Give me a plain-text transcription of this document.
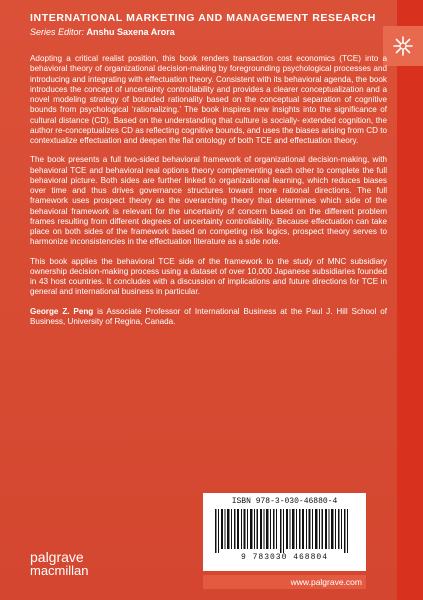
INTERNATIONAL MARKETING AND MANAGEMENT RESEARCH
Series Editor: Anshu Saxena Arora

Adopting a critical realist position, this book renders transaction cost economics (TCE) into a behavioral theory of organizational decision-making by foregrounding psychological processes and introducing and integrating with effectuation theory. Consistent with its behavioral agenda, the book introduces the concept of uncertainty controllability and provides a clearer conceptualization and a novel modeling strategy of bounded rationality based on the conceptual separation of cognitive bounds from psychological ‘rationalizing.’ The book inspires new insights into the significance of cultural distance (CD). Based on the understanding that culture is socially- extended cognition, the author re-conceptualizes CD as reflecting cognitive bounds, and uses the biases arising from CD to contextualize effectuation and deepen the flat ontology of both TCE and effectuation theory.

The book presents a full two-sided behavioral framework of organizational decision-making, with behavioral TCE and behavioral real options theory complementing each other to complete the full behavioral picture. Both sides are further linked to organizational learning, which reduces biases over time and thus drives governance structures toward more rational directions. The full framework uses prospect theory as the overarching theory that determines which side of the behavioral framework is relevant for the uncertainty of concern based on the different problem frames resulting from different degrees of uncertainty controllability. Because effectuation can take place on both sides of the framework based on competing risk logics, prospect theory serves to harmonize inconsistencies in the effectuation literature as a side note.

This book applies the behavioral TCE side of the framework to the study of MNC subsidiary ownership decision-making process using a dataset of over 10,000 Japanese subsidiaries founded in 43 host countries. It concludes with a discussion of implications and future directions for TCE in general and international business in particular.

George Z. Peng is Associate Professor of International Business at the Paul J. Hill School of Business, University of Regina, Canada.

ISBN 978-3-030-46880-4
9 783030 468804
www.palgrave.com
palgrave
macmillan
